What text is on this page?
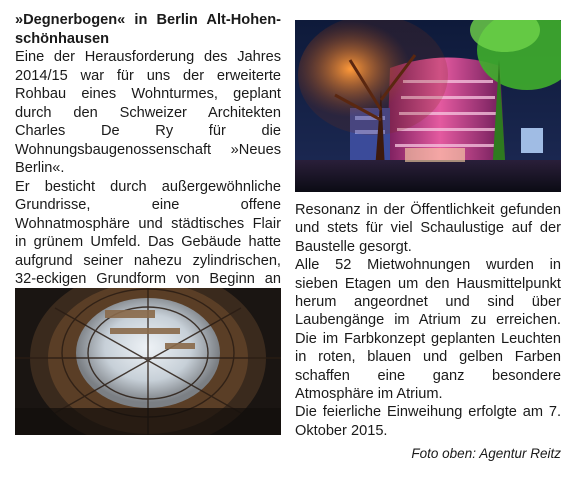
»Degnerbogen« in Berlin Alt-Hohen-schönhausen

Eine der Herausforderung des Jahres 2014/15 war für uns der erweiterte Rohbau eines Wohnturmes, geplant durch den Schweizer Architekten Charles De Ry für die Wohnungsbaugenossenschaft »Neues Berlin«.

Er besticht durch außergewöhnliche Grundrisse, eine offene Wohnatmosphäre und städtisches Flair in grünem Umfeld. Das Gebäude hatte aufgrund seiner nahezu zylindrischen, 32-eckigen Grundform von Beginn an

Resonanz in der Öffentlichkeit gefunden und stets für viel Schaulustige auf der Baustelle gesorgt.

Alle 52 Mietwohnungen wurden in sieben Etagen um den Hausmittelpunkt herum angeordnet und sind über Laubengänge im Atrium zu erreichen. Die im Farbkonzept geplanten Leuchten in roten, blauen und gelben Farben schaffen eine ganz besondere Atmosphäre im Atrium.

Die feierliche Einweihung erfolgte am 7. Oktober 2015.

Foto oben: Agentur Reitz
